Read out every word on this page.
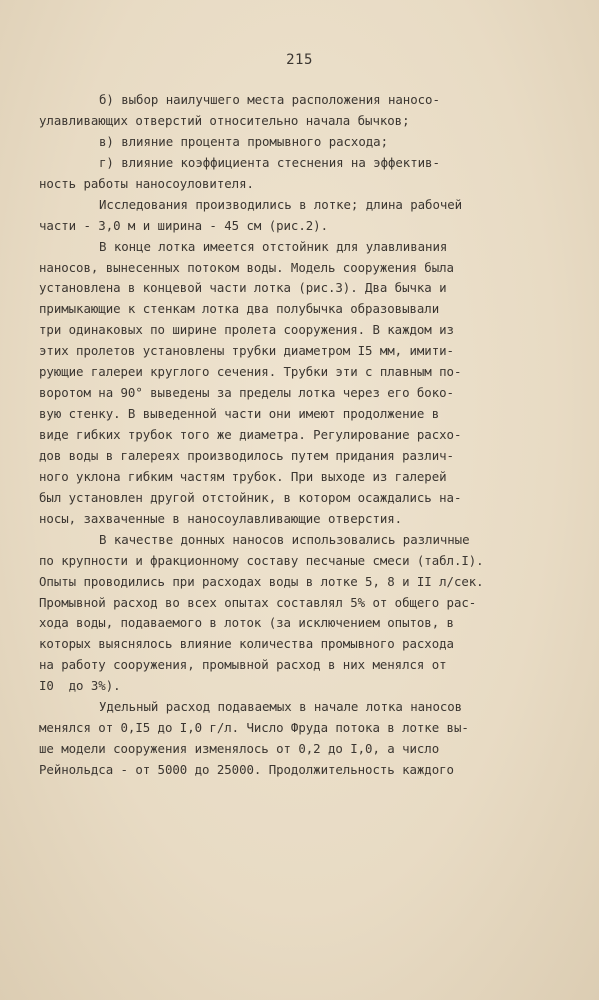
215
б) выбор наилучшего места расположения наносо-
улавливающих отверстий относительно начала бычков;
в) влияние процента промывного расхода;
г) влияние коэффициента стеснения на эффектив-
ность работы наносоуловителя.
Исследования производились в лотке; длина рабочей
части - 3,0 м и ширина - 45 см (рис.2).
В конце лотка имеется отстойник для улавливания
наносов, вынесенных потоком воды. Модель сооружения была
установлена в концевой части лотка (рис.3). Два бычка и
примыкающие к стенкам лотка два полубычка образовывали
три одинаковых по ширине пролета сооружения. В каждом из
этих пролетов установлены трубки диаметром I5 мм, имити-
рующие галереи круглого сечения. Трубки эти с плавным по-
воротом на 90° выведены за пределы лотка через его боко-
вую стенку. В выведенной части они имеют продолжение в
виде гибких трубок того же диаметра. Регулирование расхо-
дов воды в галереях производилось путем придания различ-
ного уклона гибким частям трубок. При выходе из галерей
был установлен другой отстойник, в котором осаждались на-
носы, захваченные в наносоулавливающие отверстия.
В качестве донных наносов использовались различные
по крупности и фракционному составу песчаные смеси (табл.I).
Опыты проводились при расходах воды в лотке 5, 8 и II л/сек.
Промывной расход во всех опытах составлял 5% от общего рас-
хода воды, подаваемого в лоток (за исключением опытов, в
которых выяснялось влияние количества промывного расхода
на работу сооружения, промывной расход в них менялся от
I0  до 3%).
Удельный расход подаваемых в начале лотка наносов
менялся от 0,I5 до I,0 г/л. Число Фруда потока в лотке вы-
ше модели сооружения изменялось от 0,2 до I,0, а число
Рейнольдса - от 5000 до 25000. Продолжительность каждого
